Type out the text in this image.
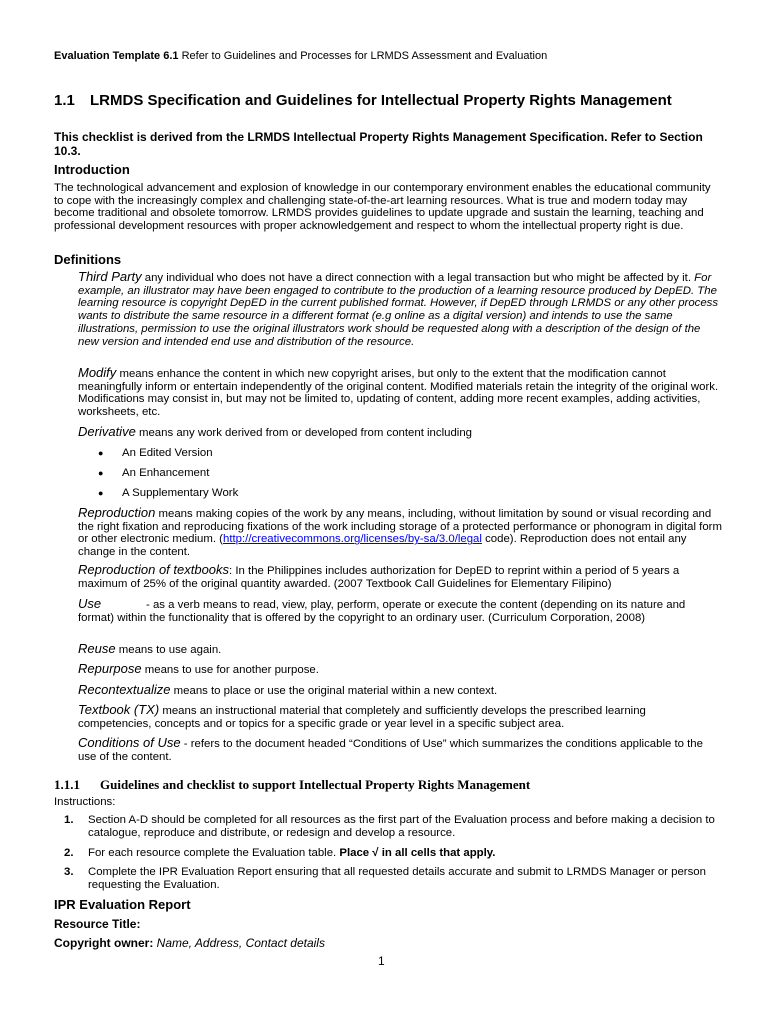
Evaluation Template 6.1 Refer to Guidelines and Processes for LRMDS Assessment and Evaluation
1.1 LRMDS Specification and Guidelines for Intellectual Property Rights Management
This checklist is derived from the LRMDS Intellectual Property Rights Management Specification. Refer to Section 10.3.
Introduction
The technological advancement and explosion of knowledge in our contemporary environment enables the educational community to cope with the increasingly complex and challenging state-of-the-art learning resources. What is true and modern today may become traditional and obsolete tomorrow. LRMDS provides guidelines to update upgrade and sustain the learning, teaching and professional development resources with proper acknowledgement and respect to whom the intellectual property right is due.
Definitions
Third Party any individual who does not have a direct connection with a legal transaction but who might be affected by it. For example, an illustrator may have been engaged to contribute to the production of a learning resource produced by DepED. The learning resource is copyright DepED in the current published format. However, if DepED through LRMDS or any other process wants to distribute the same resource in a different format (e.g online as a digital version) and intends to use the same illustrations, permission to use the original illustrators work should be requested along with a description of the design of the new version and intended end use and distribution of the resource.
Modify means enhance the content in which new copyright arises, but only to the extent that the modification cannot meaningfully inform or entertain independently of the original content. Modified materials retain the integrity of the original work. Modifications may consist in, but may not be limited to, updating of content, adding more recent examples, adding activities, worksheets, etc.
Derivative means any work derived from or developed from content including
● An Edited Version
● An Enhancement
● A Supplementary Work
Reproduction means making copies of the work by any means, including, without limitation by sound or visual recording and the right fixation and reproducing fixations of the work including storage of a protected performance or phonogram in digital form or other electronic medium. (http://creativecommons.org/licenses/by-sa/3.0/legal code). Reproduction does not entail any change in the content.
Reproduction of textbooks: In the Philippines includes authorization for DepED to reprint within a period of 5 years a maximum of 25% of the original quantity awarded. (2007 Textbook Call Guidelines for Elementary Filipino)
Use	- as a verb means to read, view, play, perform, operate or execute the content (depending on its nature and format) within the functionality that is offered by the copyright to an ordinary user. (Curriculum Corporation, 2008)
Reuse means to use again.
Repurpose means to use for another purpose.
Recontextualize means to place or use the original material within a new context.
Textbook (TX) means an instructional material that completely and sufficiently develops the prescribed learning competencies, concepts and or topics for a specific grade or year level in a specific subject area.
Conditions of Use - refers to the document headed “Conditions of Use” which summarizes the conditions applicable to the use of the content.
1.1.1 Guidelines and checklist to support Intellectual Property Rights Management
Instructions:
1. Section A-D should be completed for all resources as the first part of the Evaluation process and before making a decision to catalogue, reproduce and distribute, or redesign and develop a resource.
2. For each resource complete the Evaluation table. Place √ in all cells that apply.
3. Complete the IPR Evaluation Report ensuring that all requested details accurate and submit to LRMDS Manager or person requesting the Evaluation.
IPR Evaluation Report
Resource Title:
Copyright owner: Name, Address, Contact details
1
